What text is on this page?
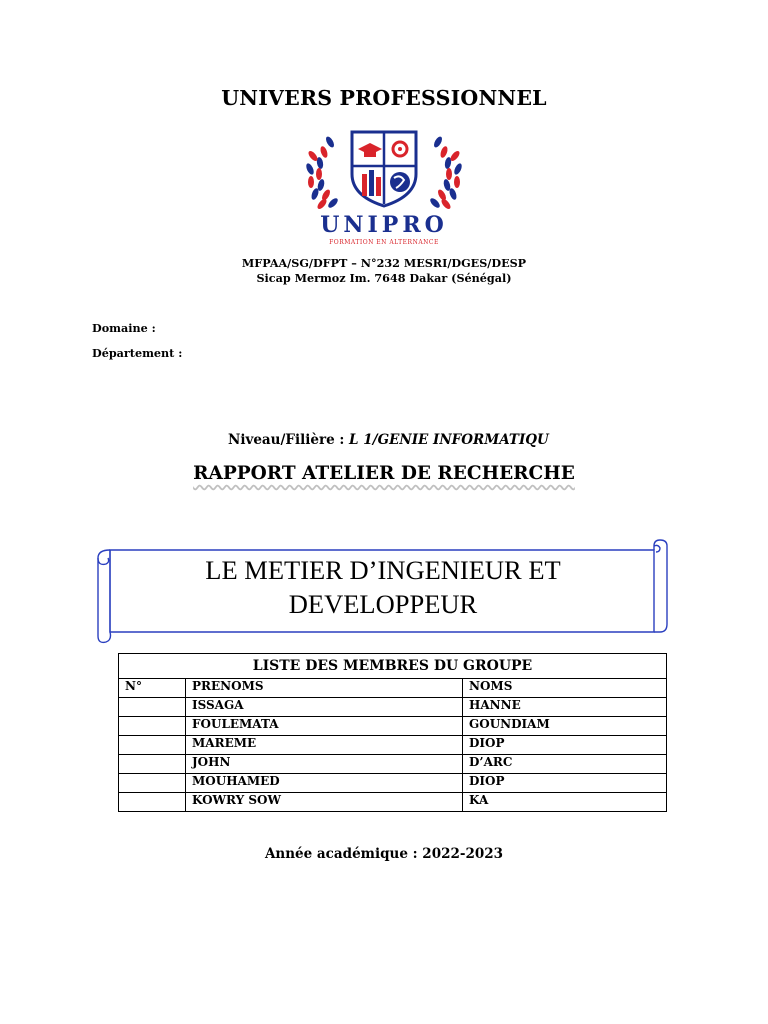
UNIVERS PROFESSIONNEL
UNIPRO
FORMATION EN ALTERNANCE
MFPAA/SG/DFPT – N°232 MESRI/DGES/DESP
Sicap Mermoz Im. 7648 Dakar (Sénégal)
Domaine :
Département :
Niveau/Filière : L 1/GENIE INFORMATIQU
RAPPORT ATELIER DE RECHERCHE
LE METIER D’INGENIEUR ET
DEVELOPPEUR
LISTE DES MEMBRES DU GROUPE		
N°	PRENOMS	NOMS
	ISSAGA	HANNE
	FOULEMATA	GOUNDIAM
	MAREME	DIOP
	JOHN	D’ARC
	MOUHAMED	DIOP
	KOWRY SOW	KA
Année académique : 2022-2023
